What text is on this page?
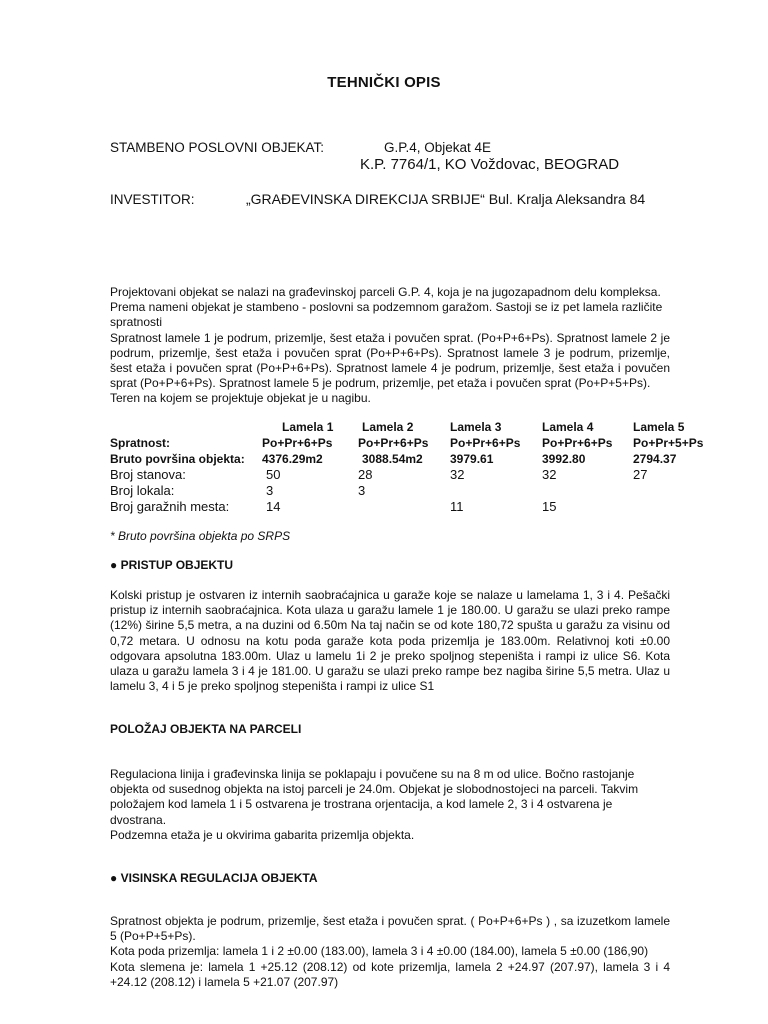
TEHNIČKI OPIS
STAMBENO POSLOVNI OBJEKAT:	G.P.4, Objekat 4E
K.P. 7764/1, KO Voždovac, BEOGRAD
INVESTITOR:	„GRAĐEVINSKA DIREKCIJA SRBIJE“ Bul. Kralja Aleksandra 84

Projektovani objekat se nalazi na građevinskoj parceli G.P. 4, koja je na jugozapadnom delu kompleksa. Prema nameni objekat je stambeno - poslovni sa podzemnom garažom. Sastoji se iz pet lamela različite spratnosti

Spratnost lamele 1 je podrum, prizemlje, šest etaža i povučen sprat. (Po+P+6+Ps). Spratnost lamele 2 je podrum, prizemlje, šest etaža i povučen sprat (Po+P+6+Ps). Spratnost lamele 3 je podrum, prizemlje, šest etaža i povučen sprat (Po+P+6+Ps). Spratnost lamele 4 je podrum, prizemlje, šest etaža i povučen sprat (Po+P+6+Ps). Spratnost lamele 5 je podrum, prizemlje, pet etaža i povučen sprat (Po+P+5+Ps).

Teren na kojem se projektuje objekat je u nagibu.

	Lamela 1	Lamela 2	Lamela 3	Lamela 4	Lamela 5
Spratnost:	Po+Pr+6+Ps	Po+Pr+6+Ps	Po+Pr+6+Ps	Po+Pr+6+Ps	Po+Pr+5+Ps
Bruto površina objekta:	4376.29m2	3088.54m2	3979.61	3992.80	2794.37
Broj stanova:	50	28	32	32	27
Broj lokala:	3	3			
Broj garažnih mesta:	14		11	15	
* Bruto površina objekta po SRPS
● PRISTUP OBJEKTU
Kolski pristup je ostvaren iz internih saobraćajnica u garaže koje se nalaze u lamelama 1, 3 i 4. Pešački pristup iz internih saobraćajnica. Kota ulaza u garažu lamele 1 je 180.00. U garažu se ulazi preko rampe (12%) širine 5,5 metra, a na duzini od 6.50m Na taj način se od kote 180,72 spušta u garažu za visinu od 0,72 metara. U odnosu na kotu poda garaže kota poda prizemlja je 183.00m. Relativnoj koti ±0.00 odgovara apsolutna 183.00m. Ulaz u lamelu 1i 2 je preko spoljnog stepeništa i rampi iz ulice S6. Kota ulaza u garažu lamela 3 i 4 je 181.00. U garažu se ulazi preko rampe bez nagiba širine 5,5 metra. Ulaz u lamelu 3, 4 i 5 je preko spoljnog stepeništa i rampi iz ulice S1
POLOŽAJ OBJEKTA NA PARCELI

Regulaciona linija i građevinska linija se poklapaju i povučene su na 8 m od ulice. Bočno rastojanje objekta od susednog objekta na istoj parceli je 24.0m. Objekat je slobodnostojeci na parceli. Takvim položajem kod lamela 1 i 5 ostvarena je trostrana orjentacija, a kod lamele 2, 3 i 4 ostvarena je dvostrana.

Podzemna etaža je u okvirima gabarita prizemlja objekta.

● VISINSKA REGULACIJA OBJEKTA

Spratnost objekta je podrum, prizemlje, šest etaža i povučen sprat. ( Po+P+6+Ps ) , sa izuzetkom lamele 5 (Po+P+5+Ps).

Kota poda prizemlja: lamela 1 i 2 ±0.00 (183.00), lamela 3 i 4 ±0.00 (184.00), lamela 5 ±0.00 (186,90)

Kota slemena je: lamela 1 +25.12 (208.12) od kote prizemlja, lamela 2 +24.97 (207.97), lamela 3 i 4 +24.12 (208.12) i lamela 5 +21.07 (207.97)
